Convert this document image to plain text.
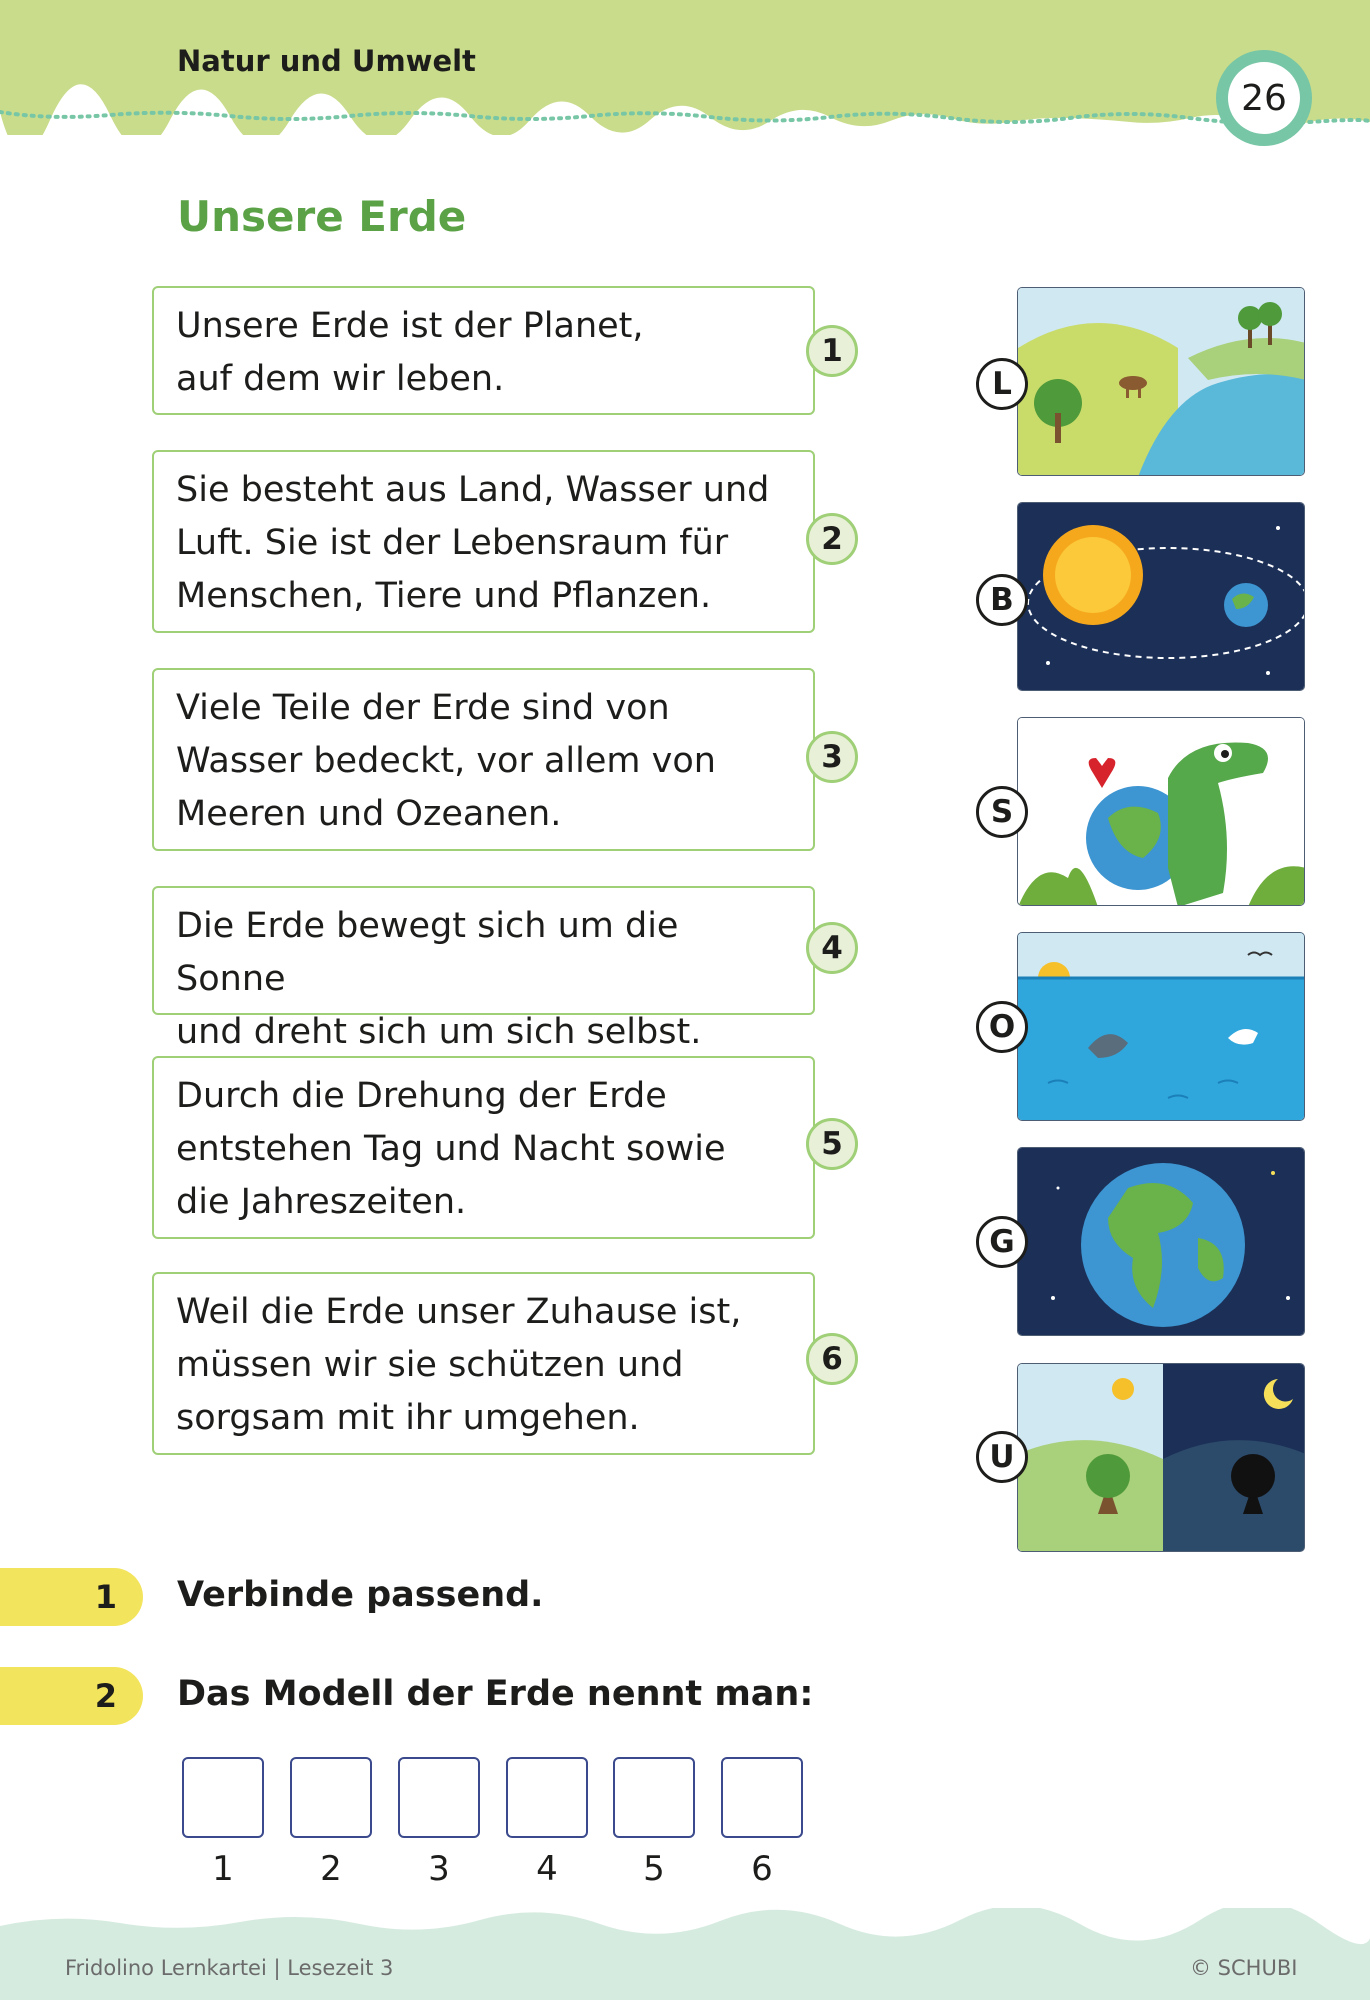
Natur und Umwelt
26
Unsere Erde
Unsere Erde ist der Planet,
auf dem wir leben.
1
Sie besteht aus Land, Wasser und
Luft. Sie ist der Lebensraum für
Menschen, Tiere und Pflanzen.
2
Viele Teile der Erde sind von
Wasser bedeckt, vor allem von
Meeren und Ozeanen.
3
Die Erde bewegt sich um die Sonne
und dreht sich um sich selbst.
4
Durch die Drehung der Erde
entstehen Tag und Nacht sowie
die Jahreszeiten.
5
Weil die Erde unser Zuhause ist,
müssen wir sie schützen und
sorgsam mit ihr umgehen.
6
L
B
S
O
G
U
1	Verbinde passend.
2	Das Modell der Erde nennt man:
1	2	3	4	5	6
Fridolino Lernkartei | Lesezeit 3	© SCHUBI
